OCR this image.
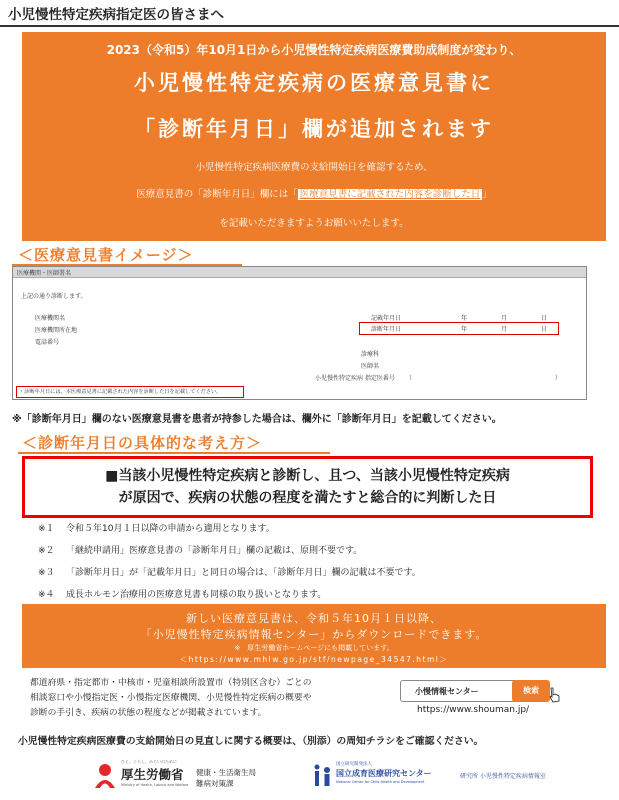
小児慢性特定疾病指定医の皆さまへ
2023（令和5）年10月1日から小児慢性特定疾病医療費助成制度が変わり、
小児慢性特定疾病の医療意見書に
「診断年月日」欄が追加されます
小児慢性特定疾病医療費の支給開始日を確認するため、
医療意見書の「診断年月日」欄には「 医療意見書に記載された内容を診断した日 」
を記載いただきますようお願いいたします。
＜医療意見書イメージ＞
医療機関・医師署名
上記の通り診断します。
医療機関名
医療機関所在地
電話番号
記載年月日	年	月	日
診断年月日	年	月	日
診療科
医師名
小児慢性特定疾病 指定医番号 （	）
・診断年月日には、本医療意見書に記載された内容を診断した日を記載してください。
※「診断年月日」欄のない医療意見書を患者が持参した場合は、欄外に「診断年月日」を記載してください。
＜診断年月日の具体的な考え方＞
■当該小児慢性特定疾病と診断し、且つ、当該小児慢性特定疾病
が原因で、疾病の状態の程度を満たすと総合的に判断した日
※１ 令和５年10月１日以降の申請から適用となります。
※２ 「継続申請用」医療意見書の「診断年月日」欄の記載は、原則不要です。
※３ 「診断年月日」が「記載年月日」と同日の場合は、「診断年月日」欄の記載は不要です。
※４ 成長ホルモン治療用の医療意見書も同様の取り扱いとなります。
新しい医療意見書は、令和５年10月１日以降、
「小児慢性特定疾病情報センター」からダウンロードできます。
※　厚生労働省ホームページにも掲載しています。
＜https://www.mhlw.go.jp/stf/newpage_34547.html＞
都道府県・指定都市・中核市・児童相談所設置市（特別区含む）ごとの
相談窓口や小慢指定医・小慢指定医療機関、小児慢性特定疾病の概要や
診断の手引き、疾病の状態の程度などが掲載されています。
小慢情報センター	検索
https://www.shouman.jp/
小児慢性特定疾病医療費の支給開始日の見直しに関する概要は、（別添）の周知チラシをご確認ください。
ひと、くらし、みらいのために
厚生労働省
Ministry of Health, Labour and Welfare
健康・生活衛生局
難病対策課
国立研究開発法人
国立成育医療研究センター
National Center for Child Health and Development
研究所 小児慢性特定疾病情報室
